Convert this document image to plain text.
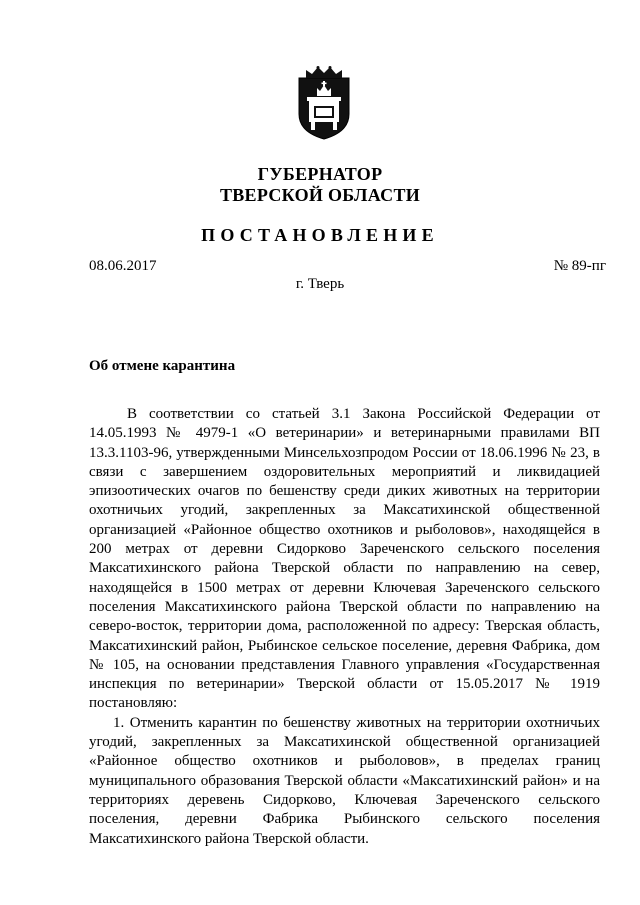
ГУБЕРНАТОР
ТВЕРСКОЙ ОБЛАСТИ
ПОСТАНОВЛЕНИЕ
08.06.2017	№ 89-пг
г. Тверь
Об отмене карантина

В соответствии со статьей 3.1 Закона Российской Федерации от 14.05.1993 № 4979-1 «О ветеринарии» и ветеринарными правилами ВП 13.3.1103-96, утвержденными Минсельхозпродом России от 18.06.1996 № 23, в связи с завершением оздоровительных мероприятий и ликвидацией эпизоотических очагов по бешенству среди диких животных на территории охотничьих угодий, закрепленных за Максатихинской общественной организацией «Районное общество охотников и рыболовов», находящейся в 200 метрах от деревни Сидорково Зареченского сельского поселения Максатихинского района Тверской области по направлению на север, находящейся в 1500 метрах от деревни Ключевая Зареченского сельского поселения Максатихинского района Тверской области по направлению на северо-восток, территории дома, расположенной по адресу: Тверская область, Максатихинский район, Рыбинское сельское поселение, деревня Фабрика, дом № 105, на основании представления Главного управления «Государственная инспекция по ветеринарии» Тверской области от 15.05.2017 № 1919 постановляю:

1. Отменить карантин по бешенству животных на территории охотничьих угодий, закрепленных за Максатихинской общественной организацией «Районное общество охотников и рыболовов», в пределах границ муниципального образования Тверской области «Максатихинский район» и на территориях деревень Сидорково, Ключевая Зареченского сельского поселения, деревни Фабрика Рыбинского сельского поселения Максатихинского района Тверской области.
